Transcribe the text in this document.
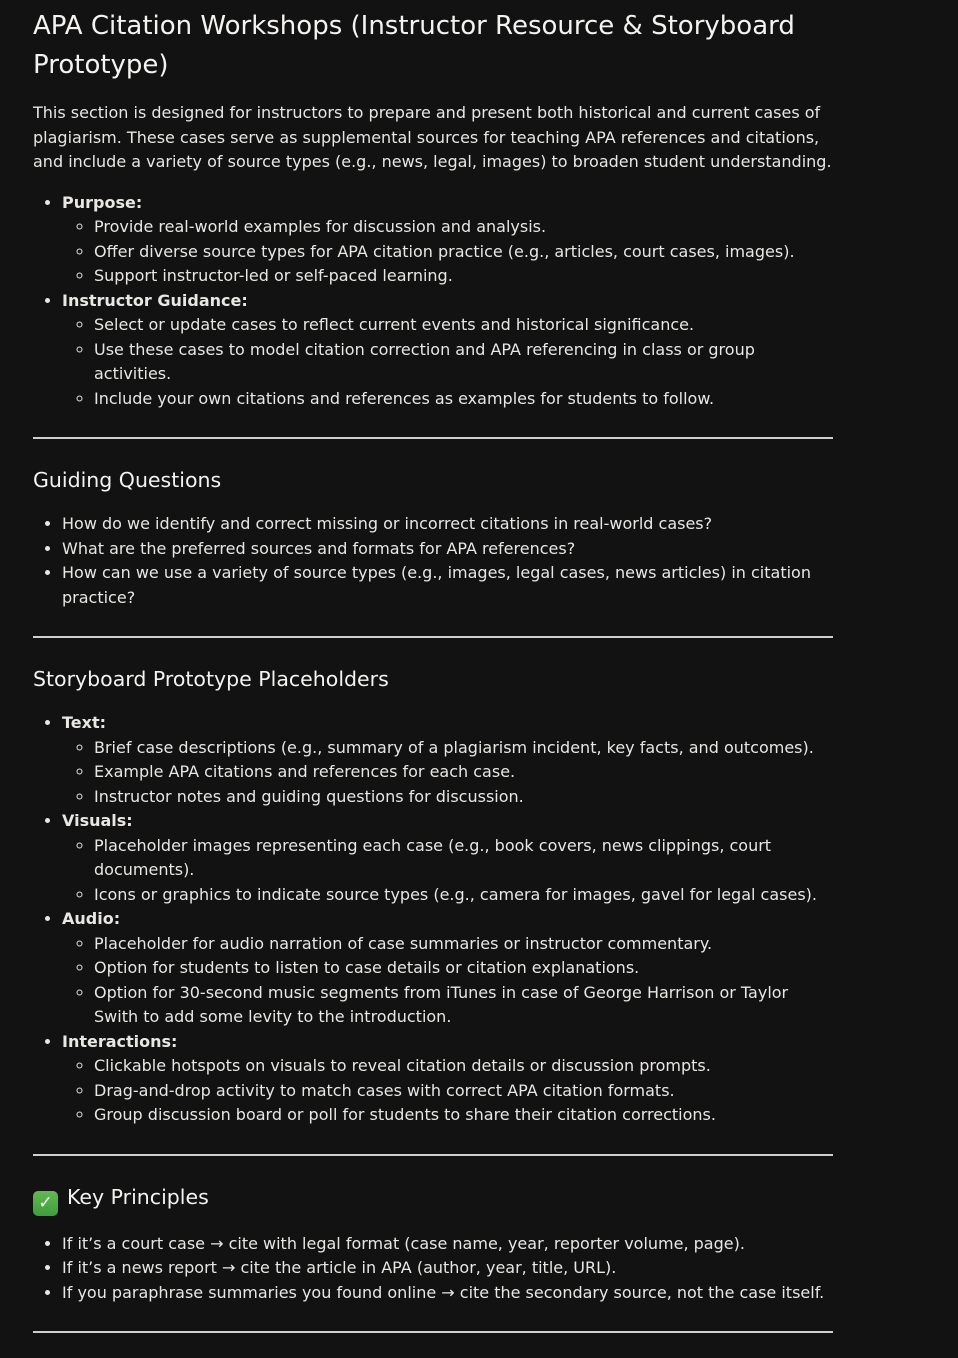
APA Citation Workshops (Instructor Resource & Storyboard Prototype)

This section is designed for instructors to prepare and present both historical and current cases of plagiarism. These cases serve as supplemental sources for teaching APA references and citations, and include a variety of source types (e.g., news, legal, images) to broaden student understanding.

• Purpose:
◦ Provide real-world examples for discussion and analysis.
◦ Offer diverse source types for APA citation practice (e.g., articles, court cases, images).
◦ Support instructor-led or self-paced learning.
• Instructor Guidance:
◦ Select or update cases to reflect current events and historical significance.
◦ Use these cases to model citation correction and APA referencing in class or group activities.
◦ Include your own citations and references as examples for students to follow.
Guiding Questions
• How do we identify and correct missing or incorrect citations in real-world cases?
• What are the preferred sources and formats for APA references?
• How can we use a variety of source types (e.g., images, legal cases, news articles) in citation practice?
Storyboard Prototype Placeholders
• Text:
◦ Brief case descriptions (e.g., summary of a plagiarism incident, key facts, and outcomes).
◦ Example APA citations and references for each case.
◦ Instructor notes and guiding questions for discussion.
• Visuals:
◦ Placeholder images representing each case (e.g., book covers, news clippings, court documents).
◦ Icons or graphics to indicate source types (e.g., camera for images, gavel for legal cases).
• Audio:
◦ Placeholder for audio narration of case summaries or instructor commentary.
◦ Option for students to listen to case details or citation explanations.
◦ Option for 30-second music segments from iTunes in case of George Harrison or Taylor Swith to add some levity to the introduction.
• Interactions:
◦ Clickable hotspots on visuals to reveal citation details or discussion prompts.
◦ Drag-and-drop activity to match cases with correct APA citation formats.
◦ Group discussion board or poll for students to share their citation corrections.
✓ Key Principles
• If it’s a court case → cite with legal format (case name, year, reporter volume, page).
• If it’s a news report → cite the article in APA (author, year, title, URL).
• If you paraphrase summaries you found online → cite the secondary source, not the case itself.
